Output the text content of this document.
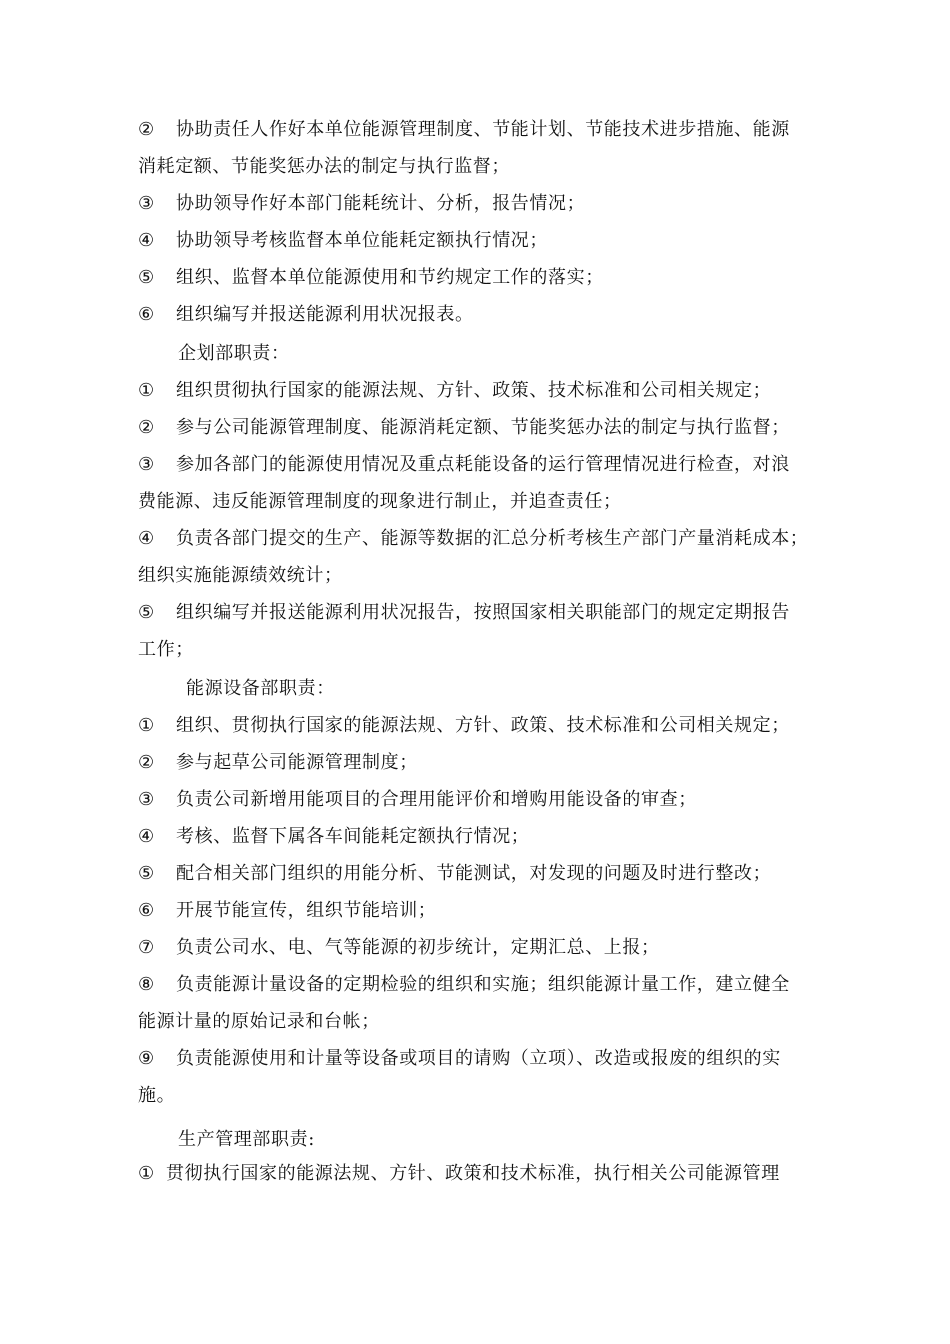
② 协助责任人作好本单位能源管理制度、节能计划、节能技术进步措施、能源
消耗定额、节能奖惩办法的制定与执行监督；
③ 协助领导作好本部门能耗统计、分析，报告情况；
④ 协助领导考核监督本单位能耗定额执行情况；
⑤ 组织、监督本单位能源使用和节约规定工作的落实；
⑥ 组织编写并报送能源利用状况报表。
企划部职责：
① 组织贯彻执行国家的能源法规、方针、政策、技术标准和公司相关规定；
② 参与公司能源管理制度、能源消耗定额、节能奖惩办法的制定与执行监督；
③ 参加各部门的能源使用情况及重点耗能设备的运行管理情况进行检查，对浪
费能源、违反能源管理制度的现象进行制止，并追查责任；
④ 负责各部门提交的生产、能源等数据的汇总分析考核生产部门产量消耗成本；
组织实施能源绩效统计；
⑤ 组织编写并报送能源利用状况报告，按照国家相关职能部门的规定定期报告
工作；
能源设备部职责：
① 组织、贯彻执行国家的能源法规、方针、政策、技术标准和公司相关规定；
② 参与起草公司能源管理制度；
③ 负责公司新增用能项目的合理用能评价和增购用能设备的审查；
④ 考核、监督下属各车间能耗定额执行情况；
⑤ 配合相关部门组织的用能分析、节能测试，对发现的问题及时进行整改；
⑥ 开展节能宣传，组织节能培训；
⑦ 负责公司水、电、气等能源的初步统计，定期汇总、上报；
⑧ 负责能源计量设备的定期检验的组织和实施；组织能源计量工作，建立健全
能源计量的原始记录和台帐；
⑨ 负责能源使用和计量等设备或项目的请购（立项）、改造或报废的组织的实
施。
生产管理部职责:
① 贯彻执行国家的能源法规、方针、政策和技术标准，执行相关公司能源管理
